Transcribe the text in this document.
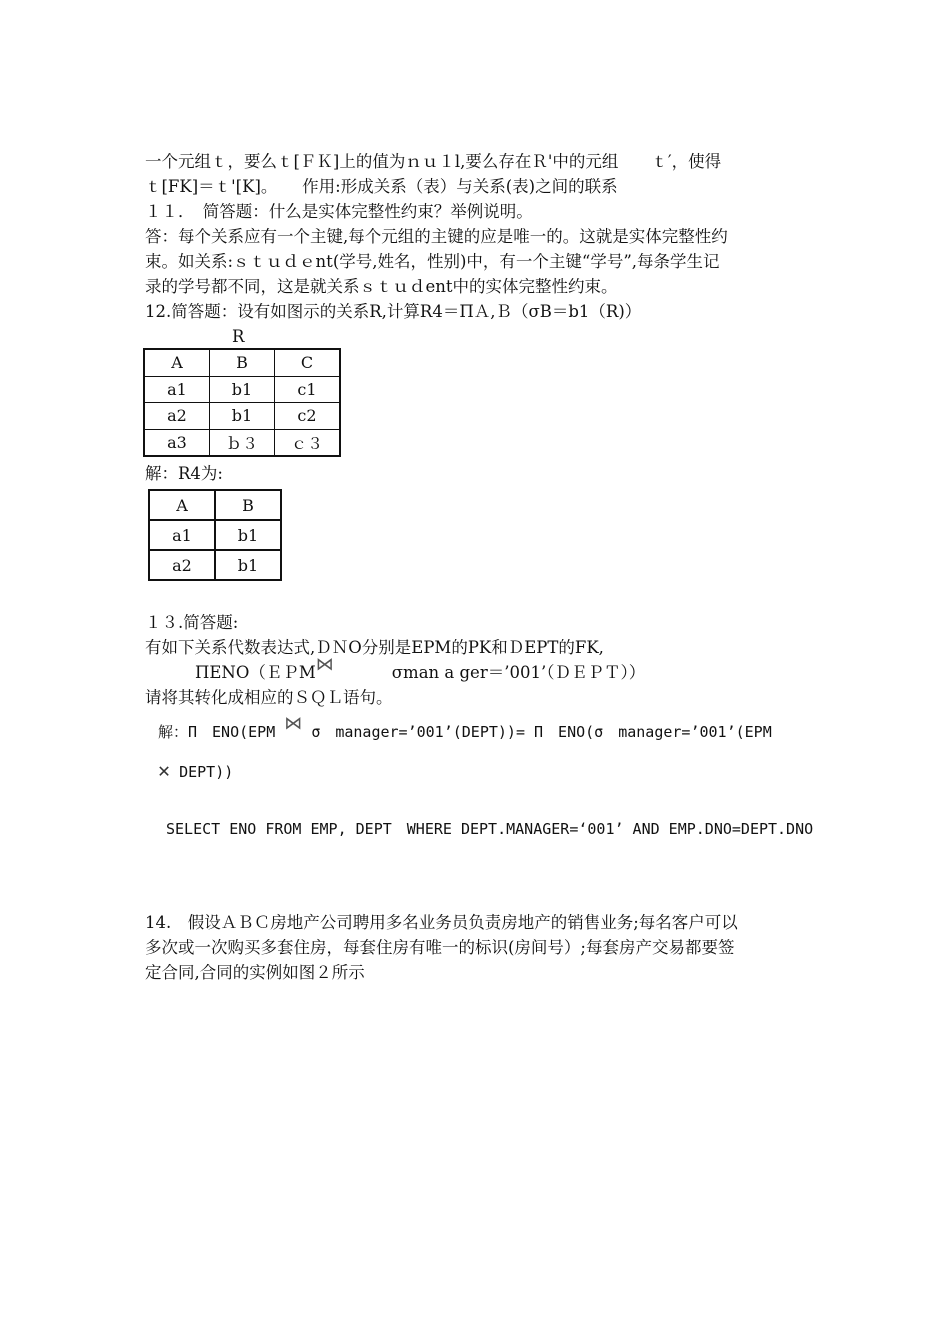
一个元组ｔ，要么ｔ[ＦＫ]上的值为ｎｕ１l,要么存在Ｒ'中的元组　　ｔ′，使得
ｔ[FK]＝ｔ'[K]。　　作用:形成关系（表）与关系(表)之间的联系
１１．　简答题：什么是实体完整性约束？举例说明。
答：每个关系应有一个主键,每个元组的主键的应是唯一的。这就是实体完整性约
束。如关系:ｓｔｕｄｅnt(学号,姓名，性别)中，有一个主键“学号”,每条学生记
录的学号都不同，这是就关系ｓｔｕｄent中的实体完整性约束。
12.简答题：设有如图示的关系R,计算R4＝ΠＡ,Ｂ（σB＝b1（R)）
R
A	B	C
a1	b1	c1
a2	b1	c2
a3	ｂ３	ｃ３
解：R4为:
A	B
a1	b1
a2	b1
１３.简答题:
有如下关系代数表达式,ＤＮO分别是EPM的PK和ＤEPT的FK,
ΠENO（ＥＰM⋈	σman a ger＝’001’（ＤＥＰＴ））
请将其转化成相应的ＳＱＬ语句。
解：Π　ENO(EPM ⋈ σ　manager=’001’(DEPT))= Π　ENO(σ　manager=’001’(EPM
✕ DEPT))
SELECT ENO FROM EMP, DEPT　WHERE DEPT.MANAGER=‘001’ AND EMP.DNO=DEPT.DNO
14.　假设ＡＢＣ房地产公司聘用多名业务员负责房地产的销售业务;每名客户可以
多次或一次购买多套住房，每套住房有唯一的标识(房间号）;每套房产交易都要签
定合同,合同的实例如图２所示
